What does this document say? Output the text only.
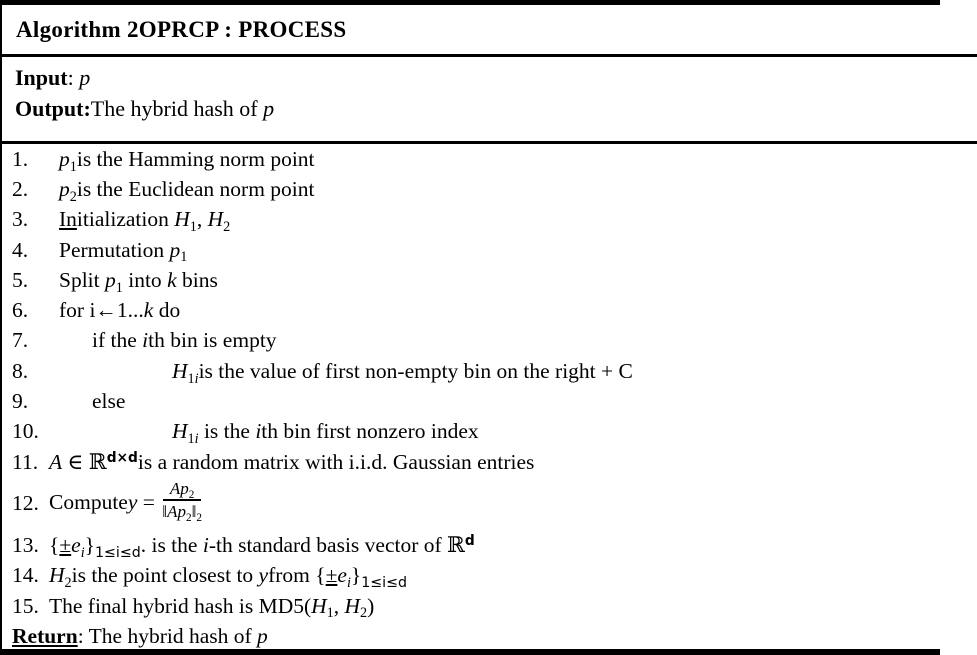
Algorithm 2OPRCP : PROCESS
Input : p
Output: The hybrid hash of p
1.	$p_1is$ the Hamming norm point
2.	$p_2is$ the Euclidean norm point
3.	Initialization $H_1$, $H_2$
4.	Permutation $p_1$
5.	Split $p_1$ into k bins
6.	for i←1...k do
7.	if the ith bin is empty
8.	$H_{1i}is$ the value of first non-empty bin on the right + C
9.	else
10.	$H_{1i}$ is the ith bin first nonzero index
11. A ∈ ℝ$^{d\times d}$is a random matrix with i.i.d. Gaussian entries
12. Computey = $\frac{Ap_2}{‖Ap_2‖_2}$
13. $\{\pm e_i\}_{1\le i\le d}$. is the i-th standard basis vector of ℝ$^d$
14. $H_2is$ the point closest to yfrom $\{\pm e_i\}_{1\le i\le d}$
15. The final hybrid hash is $MD5(H_1$, $H_2$)
Return : The hybrid hash of p
